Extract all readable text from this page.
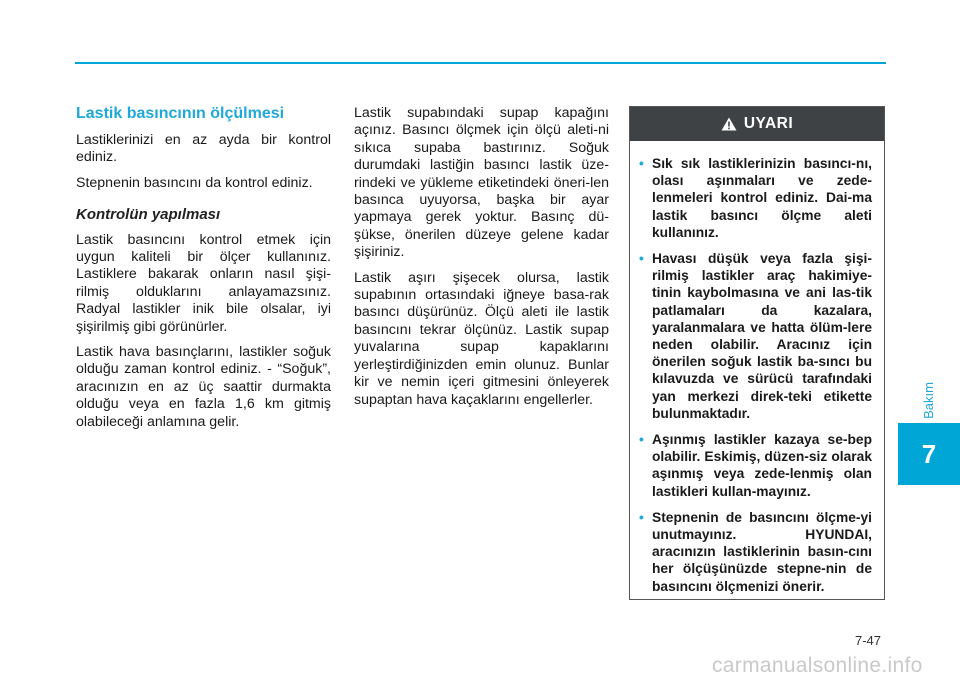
Lastik basıncının ölçülmesi

Lastiklerinizi en az ayda bir kontrol ediniz.

Stepnenin basıncını da kontrol ediniz.

Kontrolün yapılması

Lastik basıncını kontrol etmek için uygun kaliteli bir ölçer kullanınız. Lastiklere bakarak onların nasıl şişi-rilmiş olduklarını anlayamazsınız. Radyal lastikler inik bile olsalar, iyi şişirilmiş gibi görünürler.

Lastik hava basınçlarını, lastikler soğuk olduğu zaman kontrol ediniz. - “Soğuk”, aracınızın en az üç saattir durmakta olduğu veya en fazla 1,6 km gitmiş olabileceği anlamına gelir.

Lastik supabındaki supap kapağını açınız. Basıncı ölçmek için ölçü aleti-ni sıkıca supaba bastırınız. Soğuk durumdaki lastiğin basıncı lastik üze-rindeki ve yükleme etiketindeki öneri-len basınca uyuyorsa, başka bir ayar yapmaya gerek yoktur. Basınç dü-şükse, önerilen düzeye gelene kadar şişiriniz.

Lastik aşırı şişecek olursa, lastik supabının ortasındaki iğneye basa-rak basıncı düşürünüz. Ölçü aleti ile lastik basıncını tekrar ölçünüz. Lastik supap yuvalarına supap kapaklarını yerleştirdiğinizden emin olunuz. Bunlar kir ve nemin içeri gitmesini önleyerek supaptan hava kaçaklarını engellerler.

UYARI
• Sık sık lastiklerinizin basıncı-nı, olası aşınmaları ve zede-lenmeleri kontrol ediniz. Dai-ma lastik basıncı ölçme aleti kullanınız.
• Havası düşük veya fazla şişi-rilmiş lastikler araç hakimiye-tinin kaybolmasına ve ani las-tik patlamaları da kazalara, yaralanmalara ve hatta ölüm-lere neden olabilir. Aracınız için önerilen soğuk lastik ba-sıncı bu kılavuzda ve sürücü tarafındaki yan merkezi direk-teki etikette bulunmaktadır.
• Aşınmış lastikler kazaya se-bep olabilir. Eskimiş, düzen-siz olarak aşınmış veya zede-lenmiş olan lastikleri kullan-mayınız.
• Stepnenin de basıncını ölçme-yi unutmayınız. HYUNDAI, aracınızın lastiklerinin basın-cını her ölçüşünüzde stepne-nin de basıncını ölçmenizi önerir.
Bakım
7
7-47
carmanualsonline.info
